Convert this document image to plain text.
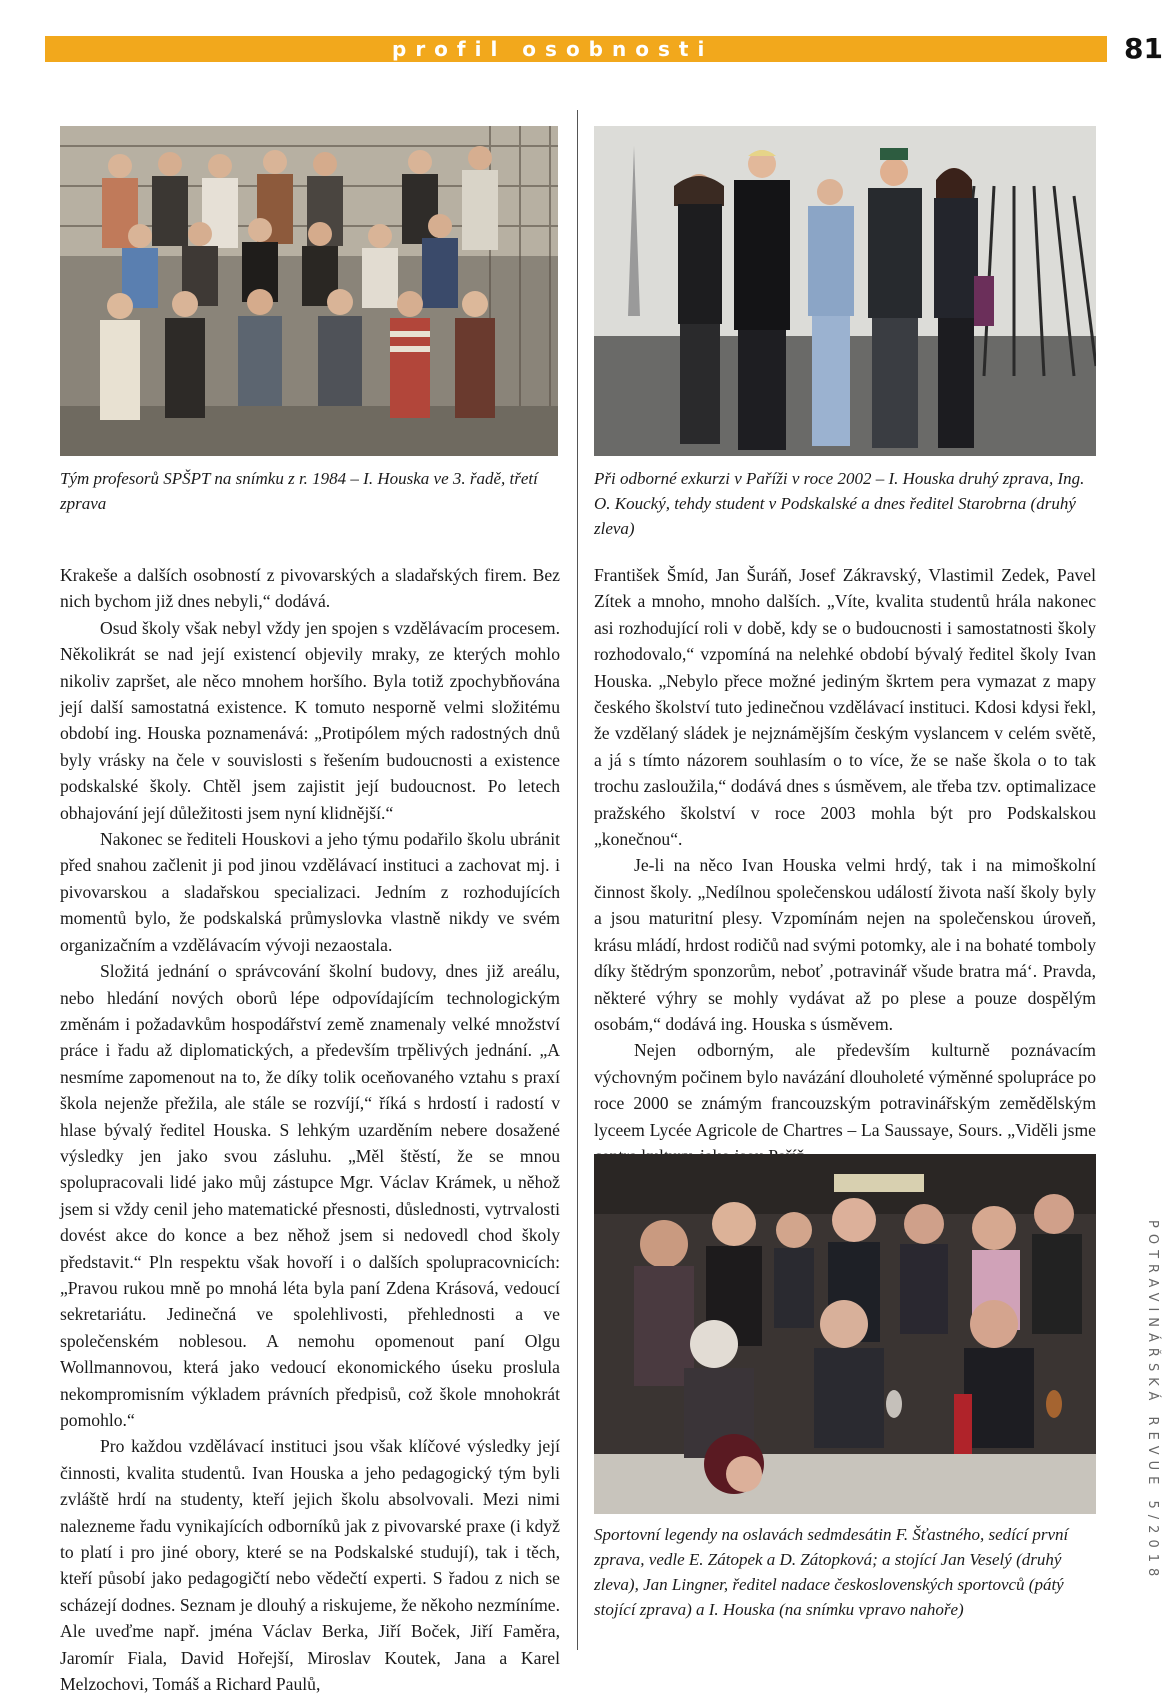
profil osobnosti	81
POTRAVINÁŘSKÁ REVUE 5/2018
Tým profesorů SPŠPT na snímku z r. 1984 – I. Houska ve 3. řadě, třetí zprava
Při odborné exkurzi v Paříži v roce 2002 – I. Houska druhý zprava, Ing. O. Koucký, tehdy student v Podskalské a dnes ředitel Starobrna (druhý zleva)

Krakeše a dalších osobností z pivovarských a sladařských firem. Bez nich bychom již dnes nebyli,“ dodává.

Osud školy však nebyl vždy jen spojen s vzdělávacím procesem. Několikrát se nad její existencí objevily mraky, ze kterých mohlo nikoliv zapršet, ale něco mnohem horšího. Byla totiž zpochybňována její další samostatná existence. K tomuto nesporně velmi složitému období ing. Houska poznamenává: „Protipólem mých radostných dnů byly vrásky na čele v souvislosti s řešením budoucnosti a existence podskalské školy. Chtěl jsem zajistit její budoucnost. Po letech obhajování její důležitosti jsem nyní klidnější.“

Nakonec se řediteli Houskovi a jeho týmu podařilo školu ubránit před snahou začlenit ji pod jinou vzdělávací instituci a zachovat mj. i pivovarskou a sladařskou specializaci. Jedním z rozhodujících momentů bylo, že podskalská průmyslovka vlastně nikdy ve svém organizačním a vzdělávacím vývoji nezaostala.

Složitá jednání o správcování školní budovy, dnes již areálu, nebo hledání nových oborů lépe odpovídajícím technologickým změnám i požadavkům hospodářství země znamenaly velké množství práce i řadu až diplomatických, a především trpělivých jednání. „A nesmíme zapomenout na to, že díky tolik oceňovaného vztahu s praxí škola nejenže přežila, ale stále se rozvíjí,“ říká s hrdostí i radostí v hlase bývalý ředitel Houska. S lehkým uzarděním nebere dosažené výsledky jen jako svou zásluhu. „Měl štěstí, že se mnou spolupracovali lidé jako můj zástupce Mgr. Václav Krámek, u něhož jsem si vždy cenil jeho matematické přesnosti, důslednosti, vytrvalosti dovést akce do konce a bez něhož jsem si nedovedl chod školy představit.“ Pln respektu však hovoří i o dalších spolupracovnicích: „Pravou rukou mně po mnohá léta byla paní Zdena Krásová, vedoucí sekretariátu. Jedinečná ve spolehlivosti, přehlednosti a ve společenském noblesou. A nemohu opomenout paní Olgu Wollmannovou, která jako vedoucí ekonomického úseku proslula nekompromisním výkladem právních předpisů, což škole mnohokrát pomohlo.“

Pro každou vzdělávací instituci jsou však klíčové výsledky její činnosti, kvalita studentů. Ivan Houska a jeho pedagogický tým byli zvláště hrdí na studenty, kteří jejich školu absolvovali. Mezi nimi nalezneme řadu vynikajících odborníků jak z pivovarské praxe (i když to platí i pro jiné obory, které se na Podskalské studují), tak i těch, kteří působí jako pedagogičtí nebo vědečtí experti. S řadou z nich se scházejí dodnes. Seznam je dlouhý a riskujeme, že někoho nezmíníme. Ale uveďme např. jména Václav Berka, Jiří Boček, Jiří Faměra, Jaromír Fiala, David Hořejší, Miroslav Koutek, Jana a Karel Melzochovi, Tomáš a Richard Paulů,

František Šmíd, Jan Šuráň, Josef Zákravský, Vlastimil Zedek, Pavel Zítek a mnoho, mnoho dalších. „Víte, kvalita studentů hrála nakonec asi rozhodující roli v době, kdy se o budoucnosti i samostatnosti školy rozhodovalo,“ vzpomíná na nelehké období bývalý ředitel školy Ivan Houska. „Nebylo přece možné jediným škrtem pera vymazat z mapy českého školství tuto jedinečnou vzdělávací instituci. Kdosi kdysi řekl, že vzdělaný sládek je nejznámějším českým vyslancem v celém světě, a já s tímto názorem souhlasím o to více, že se naše škola o to tak trochu zasloužila,“ dodává dnes s úsměvem, ale třeba tzv. optimalizace pražského školství v roce 2003 mohla být pro Podskalskou „konečnou“.

Je-li na něco Ivan Houska velmi hrdý, tak i na mimoškolní činnost školy. „Nedílnou společenskou událostí života naší školy byly a jsou maturitní plesy. Vzpomínám nejen na společenskou úroveň, krásu mládí, hrdost rodičů nad svými potomky, ale i na bohaté tomboly díky štědrým sponzorům, neboť ‚potravinář všude bratra má‘. Pravda, některé výhry se mohly vydávat až po plese a pouze dospělým osobám,“ dodává ing. Houska s úsměvem.

Nejen odborným, ale především kulturně poznávacím výchovným počinem bylo navázání dlouholeté výměnné spolupráce po roce 2000 se známým francouzským potravinářským zemědělským lyceem Lycée Agricole de Chartres – La Saussaye, Sours. „Viděli jsme

Sportovní legendy na oslavách sedmdesátin F. Šťastného, sedící první zprava, vedle E. Zátopek a D. Zátopková; a stojící Jan Veselý (druhý zleva), Jan Lingner, ředitel nadace československých sportovců (pátý stojící zprava) a I. Houska (na snímku vpravo nahoře)
